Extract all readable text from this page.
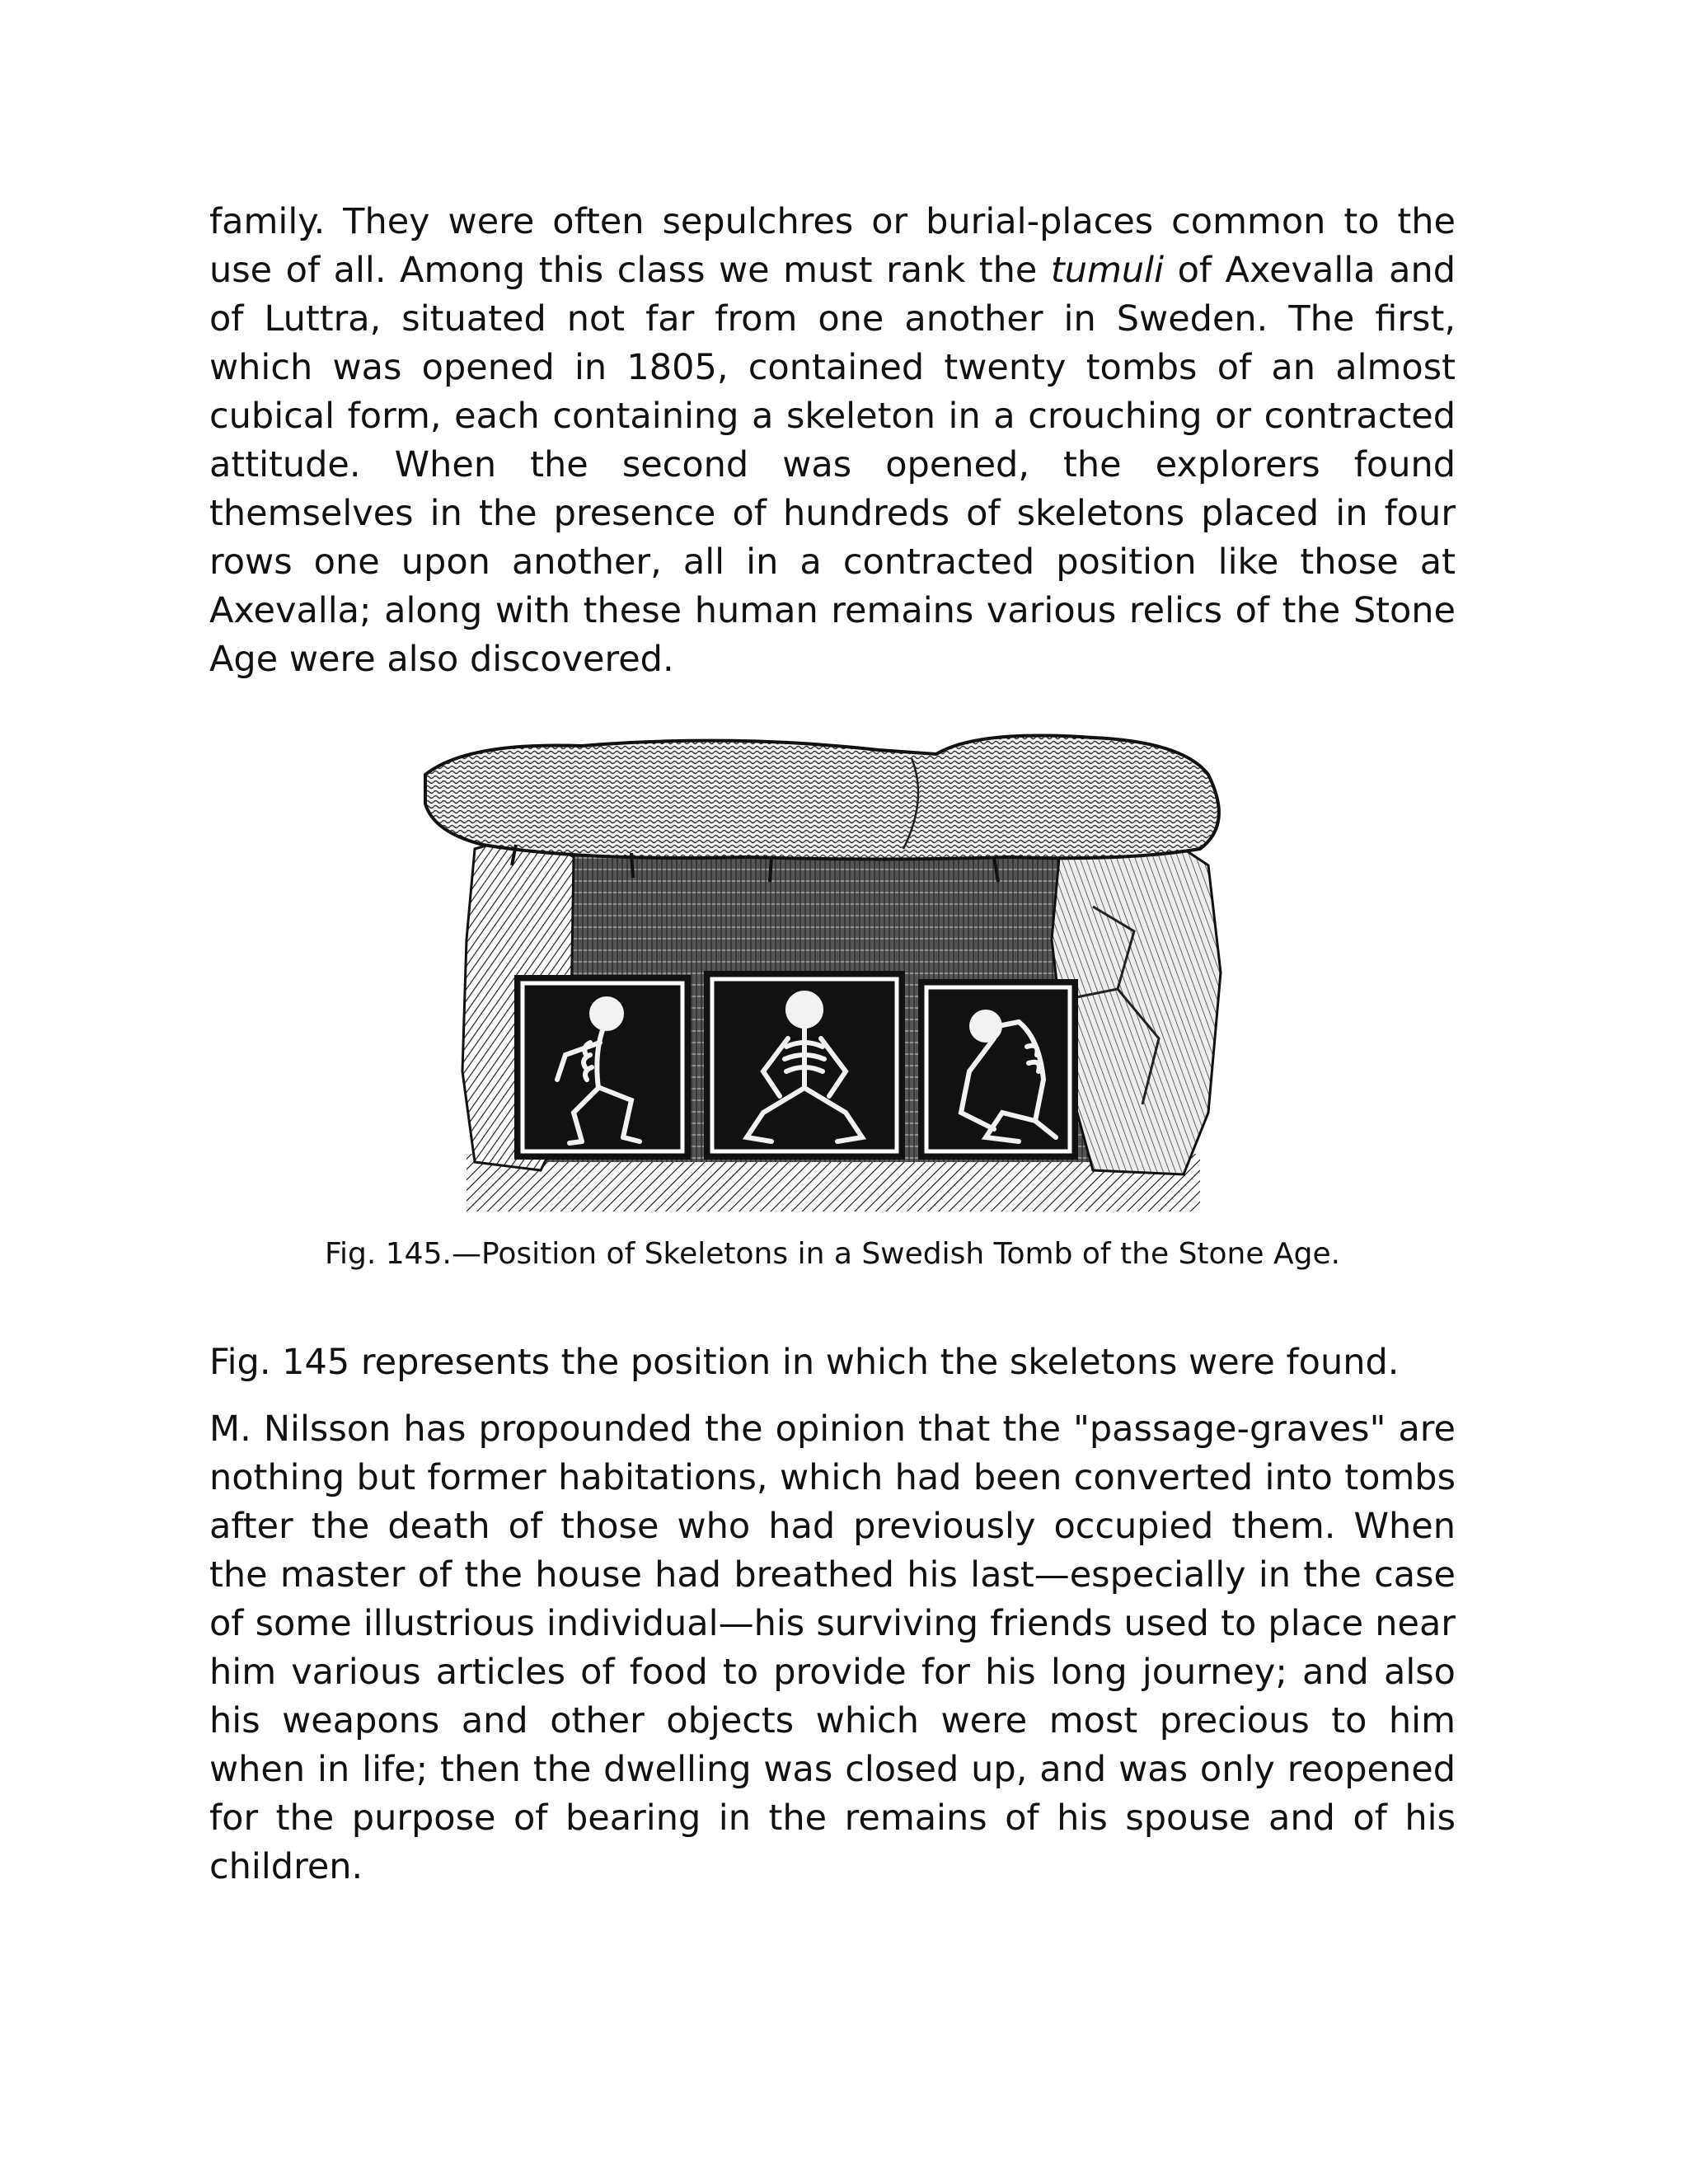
family. They were often sepulchres or burial-places common to the use of all. Among this class we must rank the tumuli of Axevalla and of Luttra, situated not far from one another in Sweden. The first, which was opened in 1805, contained twenty tombs of an almost cubical form, each containing a skeleton in a crouching or contracted attitude. When the second was opened, the explorers found themselves in the presence of hundreds of skeletons placed in four rows one upon another, all in a contracted position like those at Axevalla; along with these human remains various relics of the Stone Age were also discovered.

Fig. 145.—Position of Skeletons in a Swedish Tomb of the Stone Age.

Fig. 145 represents the position in which the skeletons were found.

M. Nilsson has propounded the opinion that the "passage-graves" are nothing but former habitations, which had been converted into tombs after the death of those who had previously occupied them. When the master of the house had breathed his last—especially in the case of some illustrious individual—his surviving friends used to place near him various articles of food to provide for his long journey; and also his weapons and other objects which were most precious to him when in life; then the dwelling was closed up, and was only reopened for the purpose of bearing in the remains of his spouse and of his children.
